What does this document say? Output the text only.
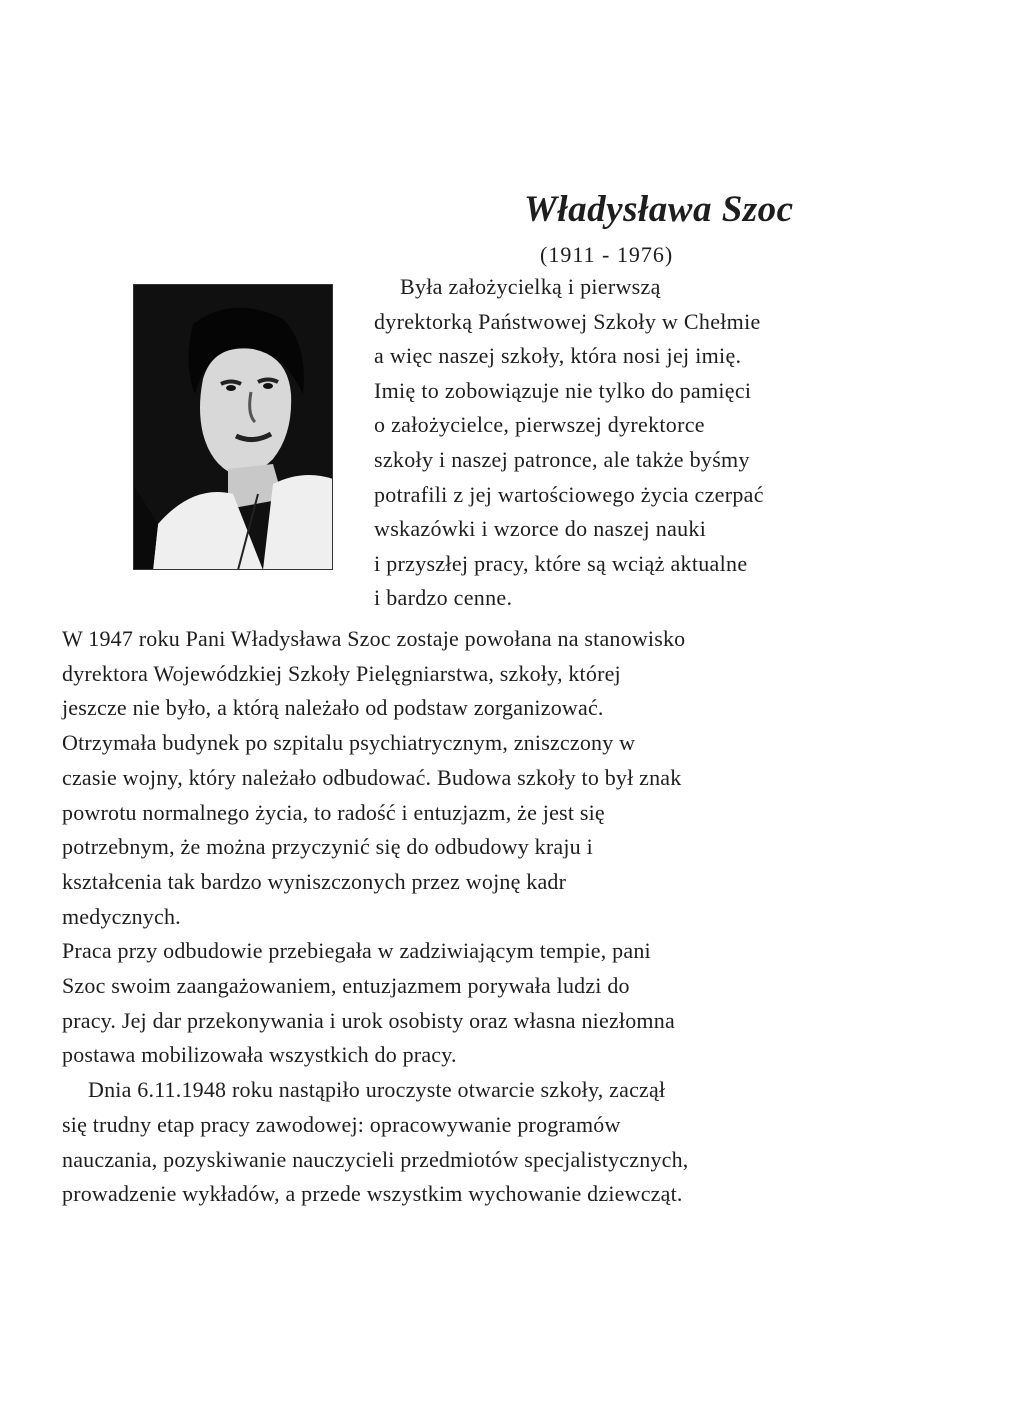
Władysława Szoc
(1911 - 1976)
Była założycielką i pierwszą
dyrektorką Państwowej Szkoły w Chełmie
a więc naszej szkoły, która nosi jej imię.
Imię to zobowiązuje nie tylko do pamięci
o założycielce, pierwszej dyrektorce
szkoły i naszej patronce, ale także byśmy
potrafili z jej wartościowego życia czerpać
wskazówki i wzorce do naszej nauki
i przyszłej pracy, które są wciąż aktualne
i bardzo cenne.
W 1947 roku Pani Władysława Szoc zostaje powołana na stanowisko
dyrektora Wojewódzkiej Szkoły Pielęgniarstwa, szkoły, której
jeszcze nie było, a którą należało od podstaw zorganizować.
Otrzymała budynek po szpitalu psychiatrycznym, zniszczony w
czasie wojny, który należało odbudować. Budowa szkoły to był znak
powrotu normalnego życia, to radość i entuzjazm, że jest się
potrzebnym, że można przyczynić się do odbudowy kraju i
kształcenia tak bardzo wyniszczonych przez wojnę kadr
medycznych.
Praca przy odbudowie przebiegała w zadziwiającym tempie, pani
Szoc swoim zaangażowaniem, entuzjazmem porywała ludzi do
pracy. Jej dar przekonywania i urok osobisty oraz własna niezłomna
postawa mobilizowała wszystkich do pracy.
Dnia 6.11.1948 roku nastąpiło uroczyste otwarcie szkoły, zaczął
się trudny etap pracy zawodowej: opracowywanie programów
nauczania, pozyskiwanie nauczycieli przedmiotów specjalistycznych,
prowadzenie wykładów, a przede wszystkim wychowanie dziewcząt.
